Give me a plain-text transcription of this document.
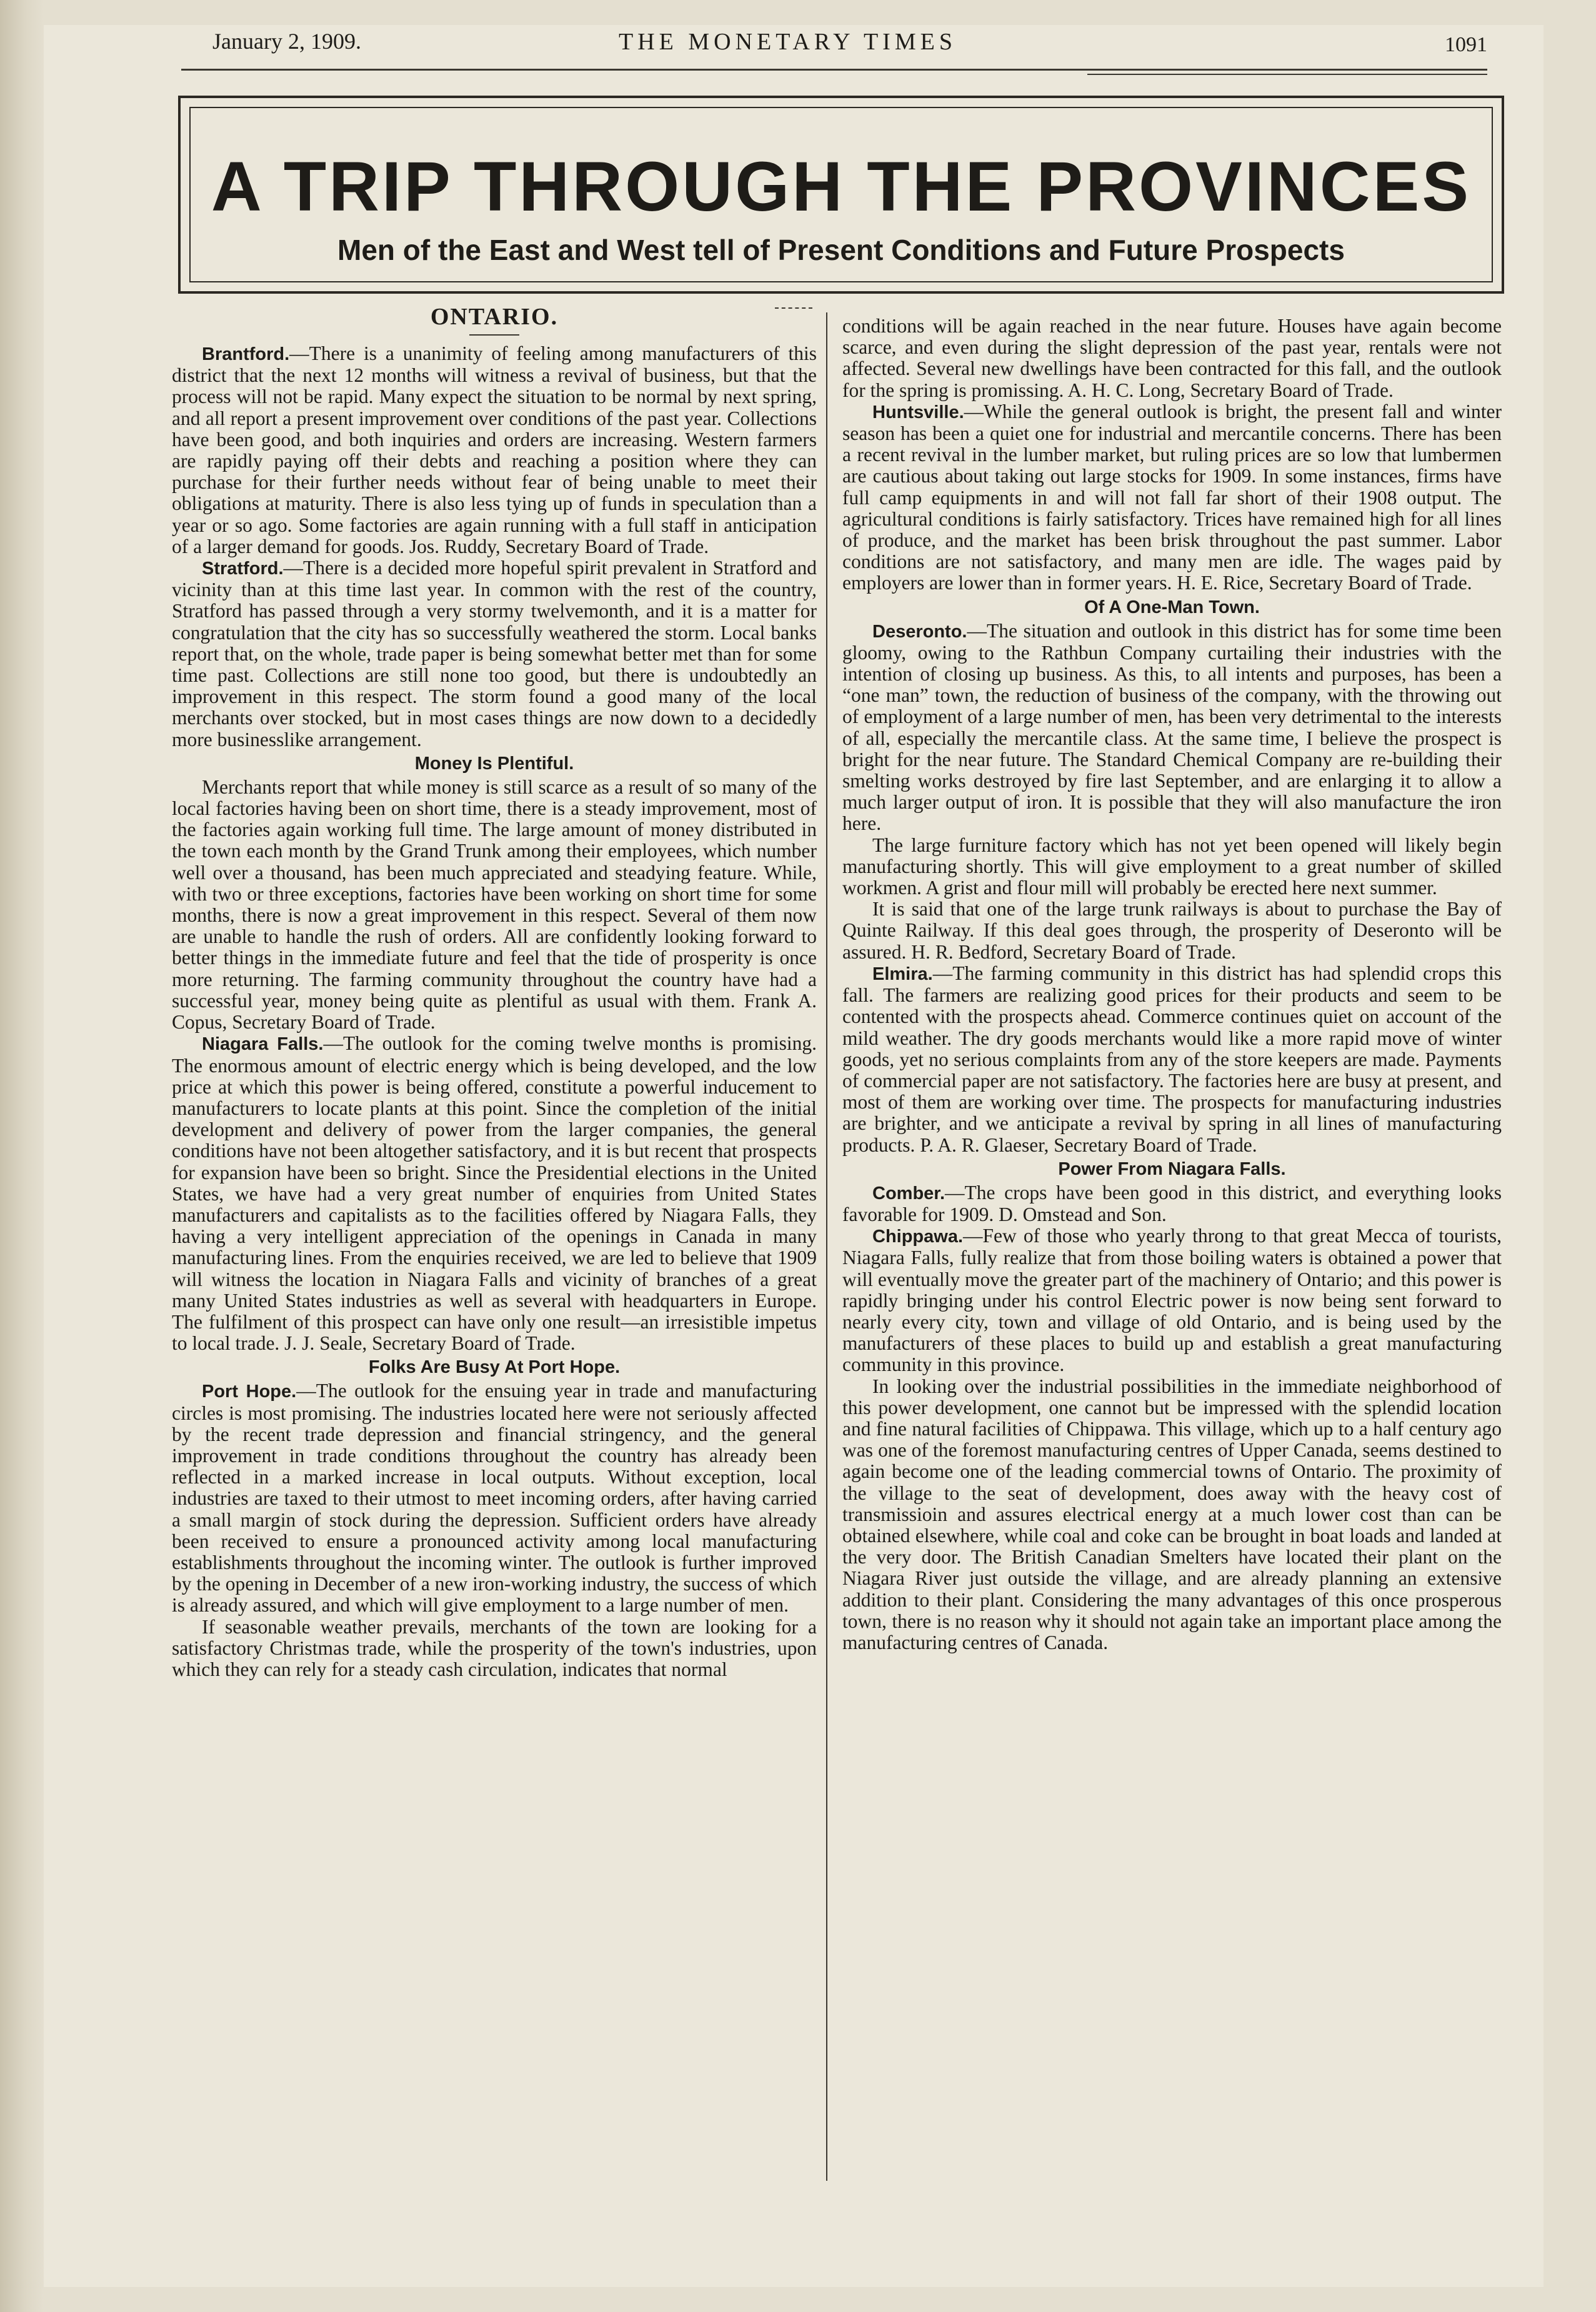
January 2, 1909.	THE MONETARY TIMES	1091
A TRIP THROUGH THE PROVINCES
Men of the East and West tell of Present Conditions and Future Prospects
ONTARIO.

Brantford.—There is a unanimity of feeling among manufacturers of this district that the next 12 months will witness a revival of business, but that the process will not be rapid. Many expect the situation to be normal by next spring, and all report a present improvement over conditions of the past year. Collections have been good, and both inquiries and orders are increasing. Western farmers are rapidly paying off their debts and reaching a position where they can purchase for their further needs without fear of being unable to meet their obligations at maturity. There is also less tying up of funds in speculation than a year or so ago. Some factories are again running with a full staff in anticipation of a larger demand for goods. Jos. Ruddy, Secretary Board of Trade.

Stratford.—There is a decided more hopeful spirit prevalent in Stratford and vicinity than at this time last year. In common with the rest of the country, Stratford has passed through a very stormy twelvemonth, and it is a matter for congratulation that the city has so successfully weathered the storm. Local banks report that, on the whole, trade paper is being somewhat better met than for some time past. Collections are still none too good, but there is undoubtedly an improvement in this respect. The storm found a good many of the local merchants over stocked, but in most cases things are now down to a decidedly more businesslike arrangement.

Money Is Plentiful.

Merchants report that while money is still scarce as a result of so many of the local factories having been on short time, there is a steady improvement, most of the factories again working full time. The large amount of money distributed in the town each month by the Grand Trunk among their employees, which number well over a thousand, has been much appreciated and steadying feature. While, with two or three exceptions, factories have been working on short time for some months, there is now a great improvement in this respect. Several of them now are unable to handle the rush of orders. All are confidently looking forward to better things in the immediate future and feel that the tide of prosperity is once more returning. The farming community throughout the country have had a successful year, money being quite as plentiful as usual with them. Frank A. Copus, Secretary Board of Trade.

Niagara Falls.—The outlook for the coming twelve months is promising. The enormous amount of electric energy which is being developed, and the low price at which this power is being offered, constitute a powerful inducement to manufacturers to locate plants at this point. Since the completion of the initial development and delivery of power from the larger companies, the general conditions have not been altogether satisfactory, and it is but recent that prospects for expansion have been so bright. Since the Presidential elections in the United States, we have had a very great number of enquiries from United States manufacturers and capitalists as to the facilities offered by Niagara Falls, they having a very intelligent appreciation of the openings in Canada in many manufacturing lines. From the enquiries received, we are led to believe that 1909 will witness the location in Niagara Falls and vicinity of branches of a great many United States industries as well as several with headquarters in Europe. The fulfilment of this prospect can have only one result—an irresistible impetus to local trade. J. J. Seale, Secretary Board of Trade.

Folks Are Busy At Port Hope.

Port Hope.—The outlook for the ensuing year in trade and manufacturing circles is most promising. The industries located here were not seriously affected by the recent trade depression and financial stringency, and the general improvement in trade conditions throughout the country has already been reflected in a marked increase in local outputs. Without exception, local industries are taxed to their utmost to meet incoming orders, after having carried a small margin of stock during the depression. Sufficient orders have already been received to ensure a pronounced activity among local manufacturing establishments throughout the incoming winter. The outlook is further improved by the opening in December of a new iron-working industry, the success of which is already assured, and which will give employment to a large number of men.

If seasonable weather prevails, merchants of the town are looking for a satisfactory Christmas trade, while the prosperity of the town's industries, upon which they can rely for a steady cash circulation, indicates that normal

conditions will be again reached in the near future. Houses have again become scarce, and even during the slight depression of the past year, rentals were not affected. Several new dwellings have been contracted for this fall, and the outlook for the spring is promissing. A. H. C. Long, Secretary Board of Trade.

Huntsville.—While the general outlook is bright, the present fall and winter season has been a quiet one for industrial and mercantile concerns. There has been a recent revival in the lumber market, but ruling prices are so low that lumbermen are cautious about taking out large stocks for 1909. In some instances, firms have full camp equipments in and will not fall far short of their 1908 output. The agricultural conditions is fairly satisfactory. Trices have remained high for all lines of produce, and the market has been brisk throughout the past summer. Labor conditions are not satisfactory, and many men are idle. The wages paid by employers are lower than in former years. H. E. Rice, Secretary Board of Trade.

Of A One-Man Town.

Deseronto.—The situation and outlook in this district has for some time been gloomy, owing to the Rathbun Company curtailing their industries with the intention of closing up business. As this, to all intents and purposes, has been a “one man” town, the reduction of business of the company, with the throwing out of employment of a large number of men, has been very detrimental to the interests of all, especially the mercantile class. At the same time, I believe the prospect is bright for the near future. The Standard Chemical Company are re-building their smelting works destroyed by fire last September, and are enlarging it to allow a much larger output of iron. It is possible that they will also manufacture the iron here.

The large furniture factory which has not yet been opened will likely begin manufacturing shortly. This will give employment to a great number of skilled workmen. A grist and flour mill will probably be erected here next summer.

It is said that one of the large trunk railways is about to purchase the Bay of Quinte Railway. If this deal goes through, the prosperity of Deseronto will be assured. H. R. Bedford, Secretary Board of Trade.

Elmira.—The farming community in this district has had splendid crops this fall. The farmers are realizing good prices for their products and seem to be contented with the prospects ahead. Commerce continues quiet on account of the mild weather. The dry goods merchants would like a more rapid move of winter goods, yet no serious complaints from any of the store keepers are made. Payments of commercial paper are not satisfactory. The factories here are busy at present, and most of them are working over time. The prospects for manufacturing industries are brighter, and we anticipate a revival by spring in all lines of manufacturing products. P. A. R. Glaeser, Secretary Board of Trade.

Power From Niagara Falls.

Comber.—The crops have been good in this district, and everything looks favorable for 1909. D. Omstead and Son.

Chippawa.—Few of those who yearly throng to that great Mecca of tourists, Niagara Falls, fully realize that from those boiling waters is obtained a power that will eventually move the greater part of the machinery of Ontario; and this power is rapidly bringing under his control Electric power is now being sent forward to nearly every city, town and village of old Ontario, and is being used by the manufacturers of these places to build up and establish a great manufacturing community in this province.

In looking over the industrial possibilities in the immediate neighborhood of this power development, one cannot but be impressed with the splendid location and fine natural facilities of Chippawa. This village, which up to a half century ago was one of the foremost manufacturing centres of Upper Canada, seems destined to again become one of the leading commercial towns of Ontario. The proximity of the village to the seat of development, does away with the heavy cost of transmissioin and assures electrical energy at a much lower cost than can be obtained elsewhere, while coal and coke can be brought in boat loads and landed at the very door. The British Canadian Smelters have located their plant on the Niagara River just outside the village, and are already planning an extensive addition to their plant. Considering the many advantages of this once prosperous town, there is no reason why it should not again take an important place among the manufacturing centres of Canada.
